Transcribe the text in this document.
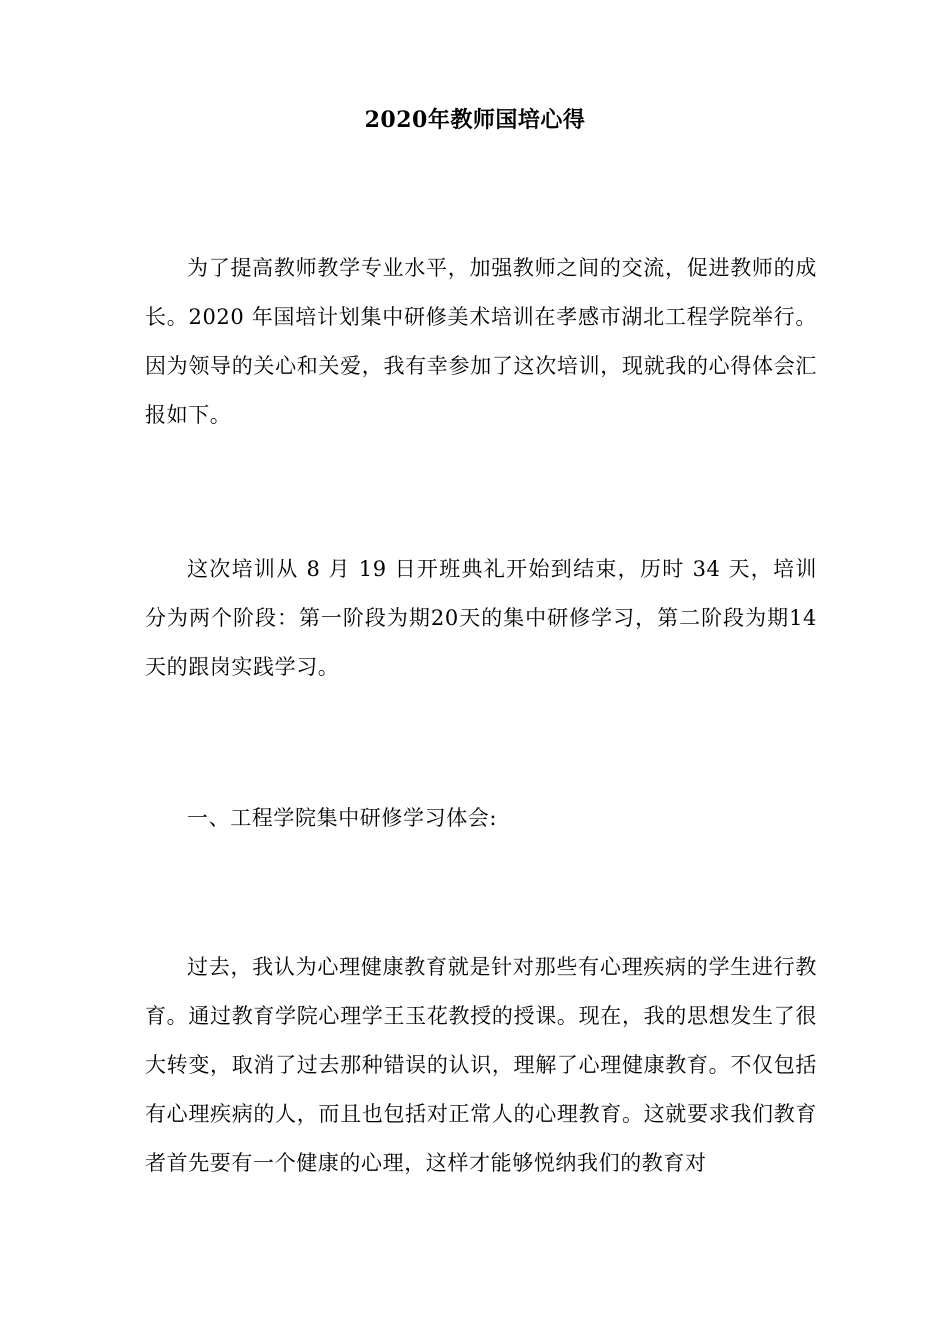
2020年教师国培心得

为了提高教师教学专业水平，加强教师之间的交流，促进教师的成长。2020 年国培计划集中研修美术培训在孝感市湖北工程学院举行。因为领导的关心和关爱，我有幸参加了这次培训，现就我的心得体会汇报如下。

这次培训从 8 月 19 日开班典礼开始到结束，历时 34 天，培训分为两个阶段：第一阶段为期20天的集中研修学习，第二阶段为期14天的跟岗实践学习。

一、工程学院集中研修学习体会:

过去，我认为心理健康教育就是针对那些有心理疾病的学生进行教育。通过教育学院心理学王玉花教授的授课。现在，我的思想发生了很大转变，取消了过去那种错误的认识，理解了心理健康教育。不仅包括有心理疾病的人，而且也包括对正常人的心理教育。这就要求我们教育者首先要有一个健康的心理，这样才能够悦纳我们的教育对
